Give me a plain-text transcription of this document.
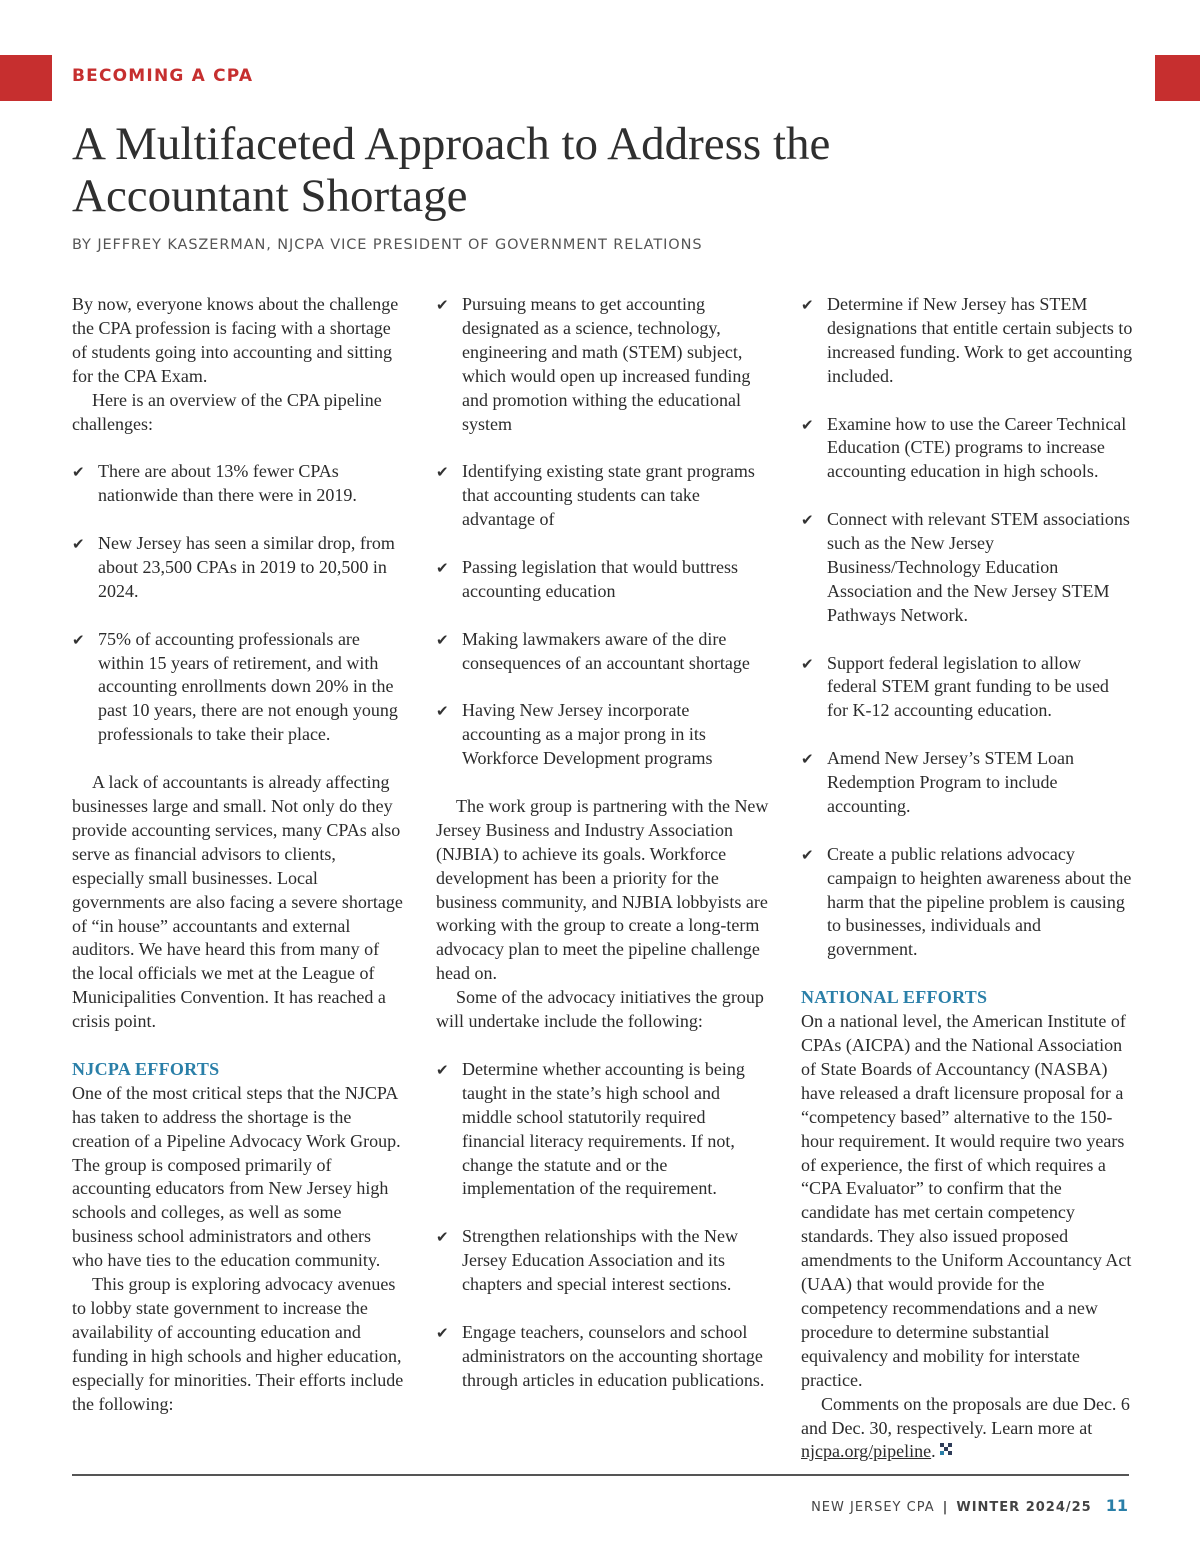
BECOMING A CPA
A Multifaceted Approach to Address the Accountant Shortage
BY JEFFREY KASZERMAN, NJCPA VICE PRESIDENT OF GOVERNMENT RELATIONS

By now, everyone knows about the challenge the CPA profession is facing with a shortage of students going into accounting and sitting for the CPA Exam.

Here is an overview of the CPA pipeline challenges:

✔ There are about 13% fewer CPAs nationwide than there were in 2019.
✔ New Jersey has seen a similar drop, from about 23,500 CPAs in 2019 to 20,500 in 2024.
✔ 75% of accounting professionals are within 15 years of retirement, and with accounting enrollments down 20% in the past 10 years, there are not enough young professionals to take their place.

A lack of accountants is already affecting businesses large and small. Not only do they provide accounting services, many CPAs also serve as financial advisors to clients, especially small businesses. Local governments are also facing a severe shortage of “in house” accountants and external auditors. We have heard this from many of the local officials we met at the League of Municipalities Convention. It has reached a crisis point.

NJCPA EFFORTS

One of the most critical steps that the NJCPA has taken to address the shortage is the creation of a Pipeline Advocacy Work Group. The group is composed primarily of accounting educators from New Jersey high schools and colleges, as well as some business school administrators and others who have ties to the education community.

This group is exploring advocacy avenues to lobby state government to increase the availability of accounting education and funding in high schools and higher education, especially for minorities. Their efforts include the following:

✔ Pursuing means to get accounting designated as a science, technology, engineering and math (STEM) subject, which would open up increased funding and promotion withing the educational system
✔ Identifying existing state grant programs that accounting students can take advantage of
✔ Passing legislation that would buttress accounting education
✔ Making lawmakers aware of the dire consequences of an accountant shortage
✔ Having New Jersey incorporate accounting as a major prong in its Workforce Development programs

The work group is partnering with the New Jersey Business and Industry Association (NJBIA) to achieve its goals. Workforce development has been a priority for the business community, and NJBIA lobbyists are working with the group to create a long-term advocacy plan to meet the pipeline challenge head on.

Some of the advocacy initiatives the group will undertake include the following:

✔ Determine whether accounting is being taught in the state’s high school and middle school statutorily required financial literacy requirements. If not, change the statute and or the implementation of the requirement.
✔ Strengthen relationships with the New Jersey Education Association and its chapters and special interest sections.
✔ Engage teachers, counselors and school administrators on the accounting shortage through articles in education publications.
✔ Determine if New Jersey has STEM designations that entitle certain subjects to increased funding. Work to get accounting included.
✔ Examine how to use the Career Technical Education (CTE) programs to increase accounting education in high schools.
✔ Connect with relevant STEM associations such as the New Jersey Business/Technology Education Association and the New Jersey STEM Pathways Network.
✔ Support federal legislation to allow federal STEM grant funding to be used for K-12 accounting education.
✔ Amend New Jersey’s STEM Loan Redemption Program to include accounting.
✔ Create a public relations advocacy campaign to heighten awareness about the harm that the pipeline problem is causing to businesses, individuals and government.
NATIONAL EFFORTS

On a national level, the American Institute of CPAs (AICPA) and the National Association of State Boards of Accountancy (NASBA) have released a draft licensure proposal for a “competency based” alternative to the 150-hour requirement. It would require two years of experience, the first of which requires a “CPA Evaluator” to confirm that the candidate has met certain competency standards. They also issued proposed amendments to the Uniform Accountancy Act (UAA) that would provide for the competency recommendations and a new procedure to determine substantial equivalency and mobility for interstate practice.

Comments on the proposals are due Dec. 6 and Dec. 30, respectively. Learn more at njcpa.org/pipeline.

NEW JERSEY CPA | WINTER 2024/25 11
